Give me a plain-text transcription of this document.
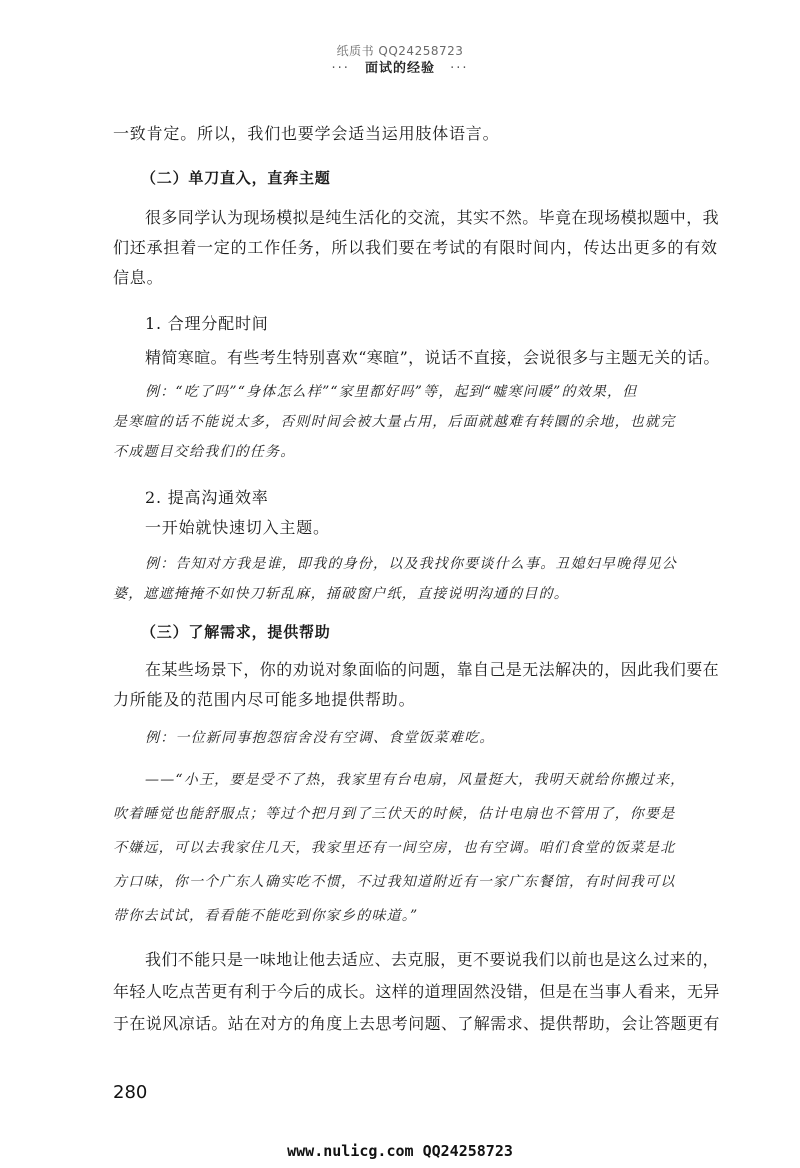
纸质书 QQ24258723
··· 面试的经验 ···
一致肯定。所以，我们也要学会适当运用肢体语言。
（二）单刀直入，直奔主题
很多同学认为现场模拟是纯生活化的交流，其实不然。毕竟在现场模拟题中，我
们还承担着一定的工作任务，所以我们要在考试的有限时间内，传达出更多的有效
信息。
1. 合理分配时间
精简寒暄。有些考生特别喜欢“寒暄”，说话不直接，会说很多与主题无关的话。
例：“吃了吗”“身体怎么样”“家里都好吗”等，起到“嘘寒问暖”的效果，但
是寒暄的话不能说太多，否则时间会被大量占用，后面就越难有转圜的余地，也就完
不成题目交给我们的任务。
2. 提高沟通效率
一开始就快速切入主题。
例：告知对方我是谁，即我的身份，以及我找你要谈什么事。丑媳妇早晚得见公
婆，遮遮掩掩不如快刀斩乱麻，捅破窗户纸，直接说明沟通的目的。
（三）了解需求，提供帮助
在某些场景下，你的劝说对象面临的问题，靠自己是无法解决的，因此我们要在
力所能及的范围内尽可能多地提供帮助。
例：一位新同事抱怨宿舍没有空调、食堂饭菜难吃。
——“小王，要是受不了热，我家里有台电扇，风量挺大，我明天就给你搬过来，
吹着睡觉也能舒服点；等过个把月到了三伏天的时候，估计电扇也不管用了，你要是
不嫌远，可以去我家住几天，我家里还有一间空房，也有空调。咱们食堂的饭菜是北
方口味，你一个广东人确实吃不惯，不过我知道附近有一家广东餐馆，有时间我可以
带你去试试，看看能不能吃到你家乡的味道。”
我们不能只是一味地让他去适应、去克服，更不要说我们以前也是这么过来的，
年轻人吃点苦更有利于今后的成长。这样的道理固然没错，但是在当事人看来，无异
于在说风凉话。站在对方的角度上去思考问题、了解需求、提供帮助，会让答题更有
280
www.nulicg.com QQ24258723
